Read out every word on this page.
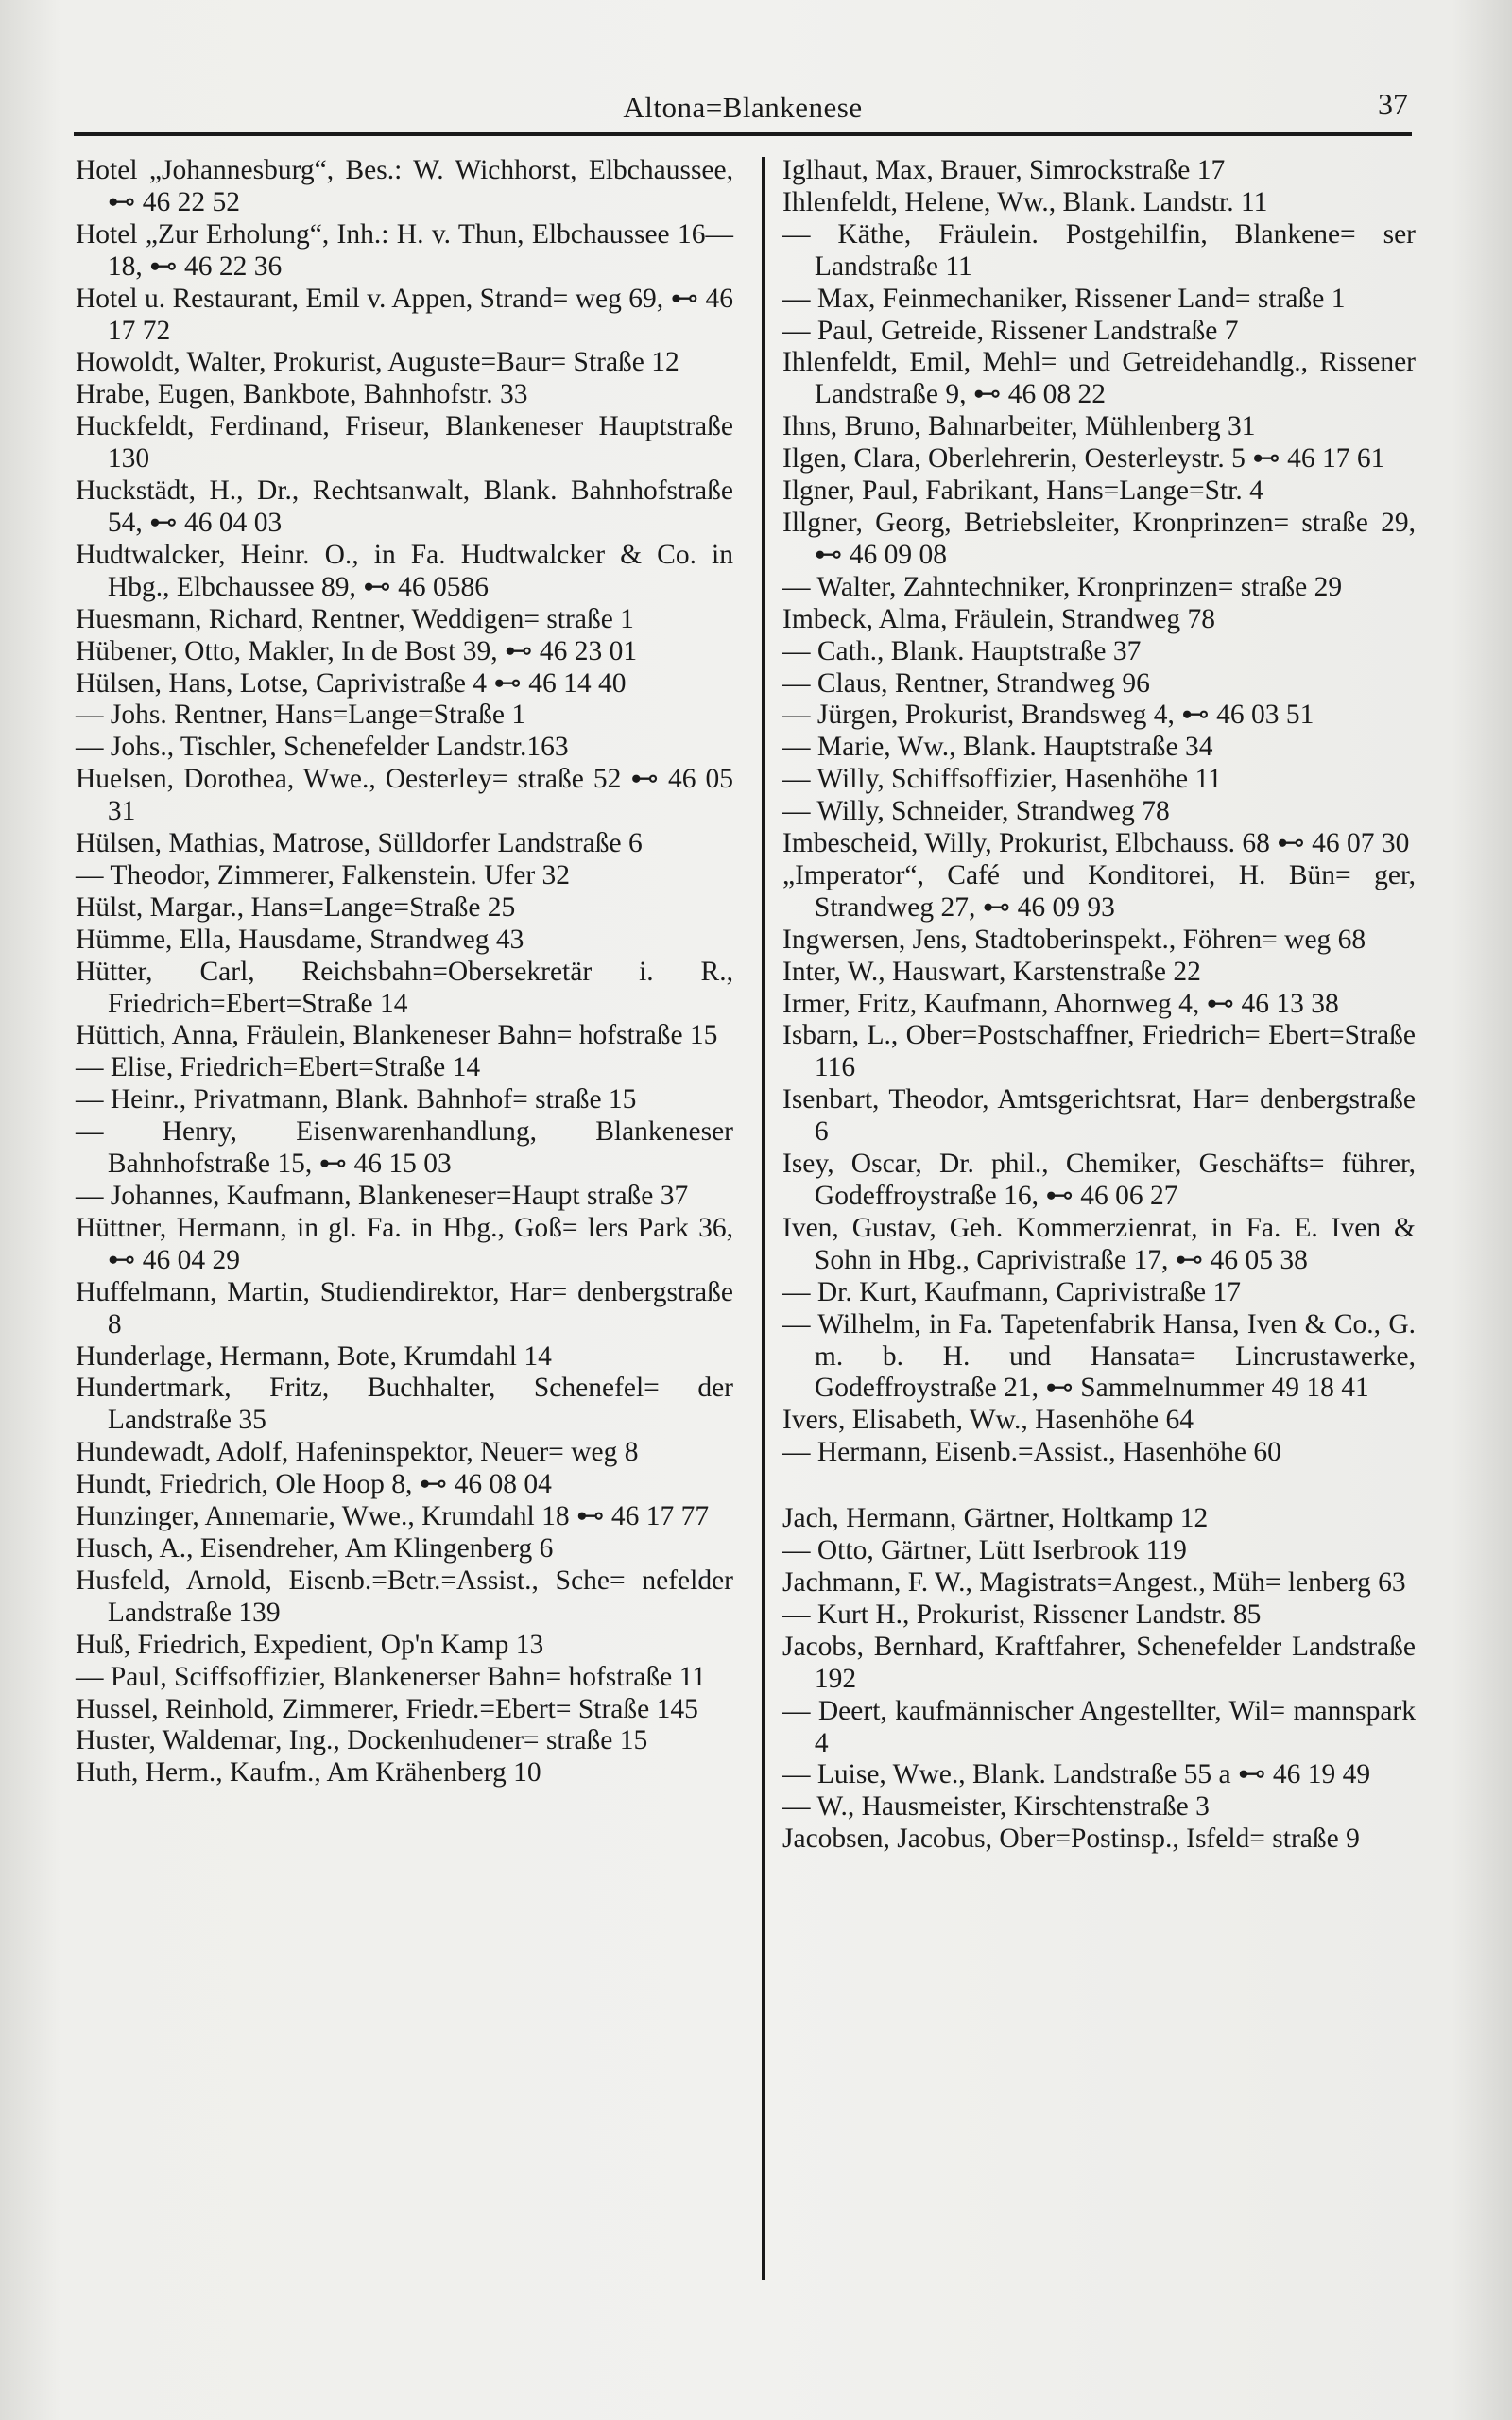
Altona=Blankenese	37
Hotel „Johannesburg“, Bes.: W. Wichhorst, Elbchaussee, ⊷ 46 22 52
Hotel „Zur Erholung“, Inh.: H. v. Thun, Elbchaussee 16—18, ⊷ 46 22 36
Hotel u. Restaurant, Emil v. Appen, Strand= weg 69, ⊷ 46 17 72
Howoldt, Walter, Prokurist, Auguste=Baur= Straße 12
Hrabe, Eugen, Bankbote, Bahnhofstr. 33
Huckfeldt, Ferdinand, Friseur, Blankeneser Hauptstraße 130
Huckstädt, H., Dr., Rechtsanwalt, Blank. Bahnhofstraße 54, ⊷ 46 04 03
Hudtwalcker, Heinr. O., in Fa. Hudtwalcker & Co. in Hbg., Elbchaussee 89, ⊷ 46 0586
Huesmann, Richard, Rentner, Weddigen= straße 1
Hübener, Otto, Makler, In de Bost 39, ⊷ 46 23 01
Hülsen, Hans, Lotse, Caprivistraße 4 ⊷ 46 14 40
— Johs. Rentner, Hans=Lange=Straße 1
— Johs., Tischler, Schenefelder Landstr.163
Huelsen, Dorothea, Wwe., Oesterley= straße 52 ⊷ 46 05 31
Hülsen, Mathias, Matrose, Sülldorfer Landstraße 6
— Theodor, Zimmerer, Falkenstein. Ufer 32
Hülst, Margar., Hans=Lange=Straße 25
Hümme, Ella, Hausdame, Strandweg 43
Hütter, Carl, Reichsbahn=Obersekretär i. R., Friedrich=Ebert=Straße 14
Hüttich, Anna, Fräulein, Blankeneser Bahn= hofstraße 15
— Elise, Friedrich=Ebert=Straße 14
— Heinr., Privatmann, Blank. Bahnhof= straße 15
— Henry, Eisenwarenhandlung, Blankeneser Bahnhofstraße 15, ⊷ 46 15 03
— Johannes, Kaufmann, Blankeneser=Haupt straße 37
Hüttner, Hermann, in gl. Fa. in Hbg., Goß= lers Park 36, ⊷ 46 04 29
Huffelmann, Martin, Studiendirektor, Har= denbergstraße 8
Hunderlage, Hermann, Bote, Krumdahl 14
Hundertmark, Fritz, Buchhalter, Schenefel= der Landstraße 35
Hundewadt, Adolf, Hafeninspektor, Neuer= weg 8
Hundt, Friedrich, Ole Hoop 8, ⊷ 46 08 04
Hunzinger, Annemarie, Wwe., Krumdahl 18 ⊷ 46 17 77
Husch, A., Eisendreher, Am Klingenberg 6
Husfeld, Arnold, Eisenb.=Betr.=Assist., Sche= nefelder Landstraße 139
Huß, Friedrich, Expedient, Op'n Kamp 13
— Paul, Sciffsoffizier, Blankenerser Bahn= hofstraße 11
Hussel, Reinhold, Zimmerer, Friedr.=Ebert= Straße 145
Huster, Waldemar, Ing., Dockenhudener= straße 15
Huth, Herm., Kaufm., Am Krähenberg 10
Iglhaut, Max, Brauer, Simrockstraße 17
Ihlenfeldt, Helene, Ww., Blank. Landstr. 11
— Käthe, Fräulein. Postgehilfin, Blankene= ser Landstraße 11
— Max, Feinmechaniker, Rissener Land= straße 1
— Paul, Getreide, Rissener Landstraße 7
Ihlenfeldt, Emil, Mehl= und Getreidehandlg., Rissener Landstraße 9, ⊷ 46 08 22
Ihns, Bruno, Bahnarbeiter, Mühlenberg 31
Ilgen, Clara, Oberlehrerin, Oesterleystr. 5 ⊷ 46 17 61
Ilgner, Paul, Fabrikant, Hans=Lange=Str. 4
Illgner, Georg, Betriebsleiter, Kronprinzen= straße 29, ⊷ 46 09 08
— Walter, Zahntechniker, Kronprinzen= straße 29
Imbeck, Alma, Fräulein, Strandweg 78
— Cath., Blank. Hauptstraße 37
— Claus, Rentner, Strandweg 96
— Jürgen, Prokurist, Brandsweg 4, ⊷ 46 03 51
— Marie, Ww., Blank. Hauptstraße 34
— Willy, Schiffsoffizier, Hasenhöhe 11
— Willy, Schneider, Strandweg 78
Imbescheid, Willy, Prokurist, Elbchauss. 68 ⊷ 46 07 30
„Imperator“, Café und Konditorei, H. Bün= ger, Strandweg 27, ⊷ 46 09 93
Ingwersen, Jens, Stadtoberinspekt., Föhren= weg 68
Inter, W., Hauswart, Karstenstraße 22
Irmer, Fritz, Kaufmann, Ahornweg 4, ⊷ 46 13 38
Isbarn, L., Ober=Postschaffner, Friedrich= Ebert=Straße 116
Isenbart, Theodor, Amtsgerichtsrat, Har= denbergstraße 6
Isey, Oscar, Dr. phil., Chemiker, Geschäfts= führer, Godeffroystraße 16, ⊷ 46 06 27
Iven, Gustav, Geh. Kommerzienrat, in Fa. E. Iven & Sohn in Hbg., Caprivistraße 17, ⊷ 46 05 38
— Dr. Kurt, Kaufmann, Caprivistraße 17
— Wilhelm, in Fa. Tapetenfabrik Hansa, Iven & Co., G. m. b. H. und Hansata= Lincrustawerke, Godeffroystraße 21, ⊷ Sammelnummer 49 18 41
Ivers, Elisabeth, Ww., Hasenhöhe 64
— Hermann, Eisenb.=Assist., Hasenhöhe 60
Jach, Hermann, Gärtner, Holtkamp 12
— Otto, Gärtner, Lütt Iserbrook 119
Jachmann, F. W., Magistrats=Angest., Müh= lenberg 63
— Kurt H., Prokurist, Rissener Landstr. 85
Jacobs, Bernhard, Kraftfahrer, Schenefelder Landstraße 192
— Deert, kaufmännischer Angestellter, Wil= mannspark 4
— Luise, Wwe., Blank. Landstraße 55 a ⊷ 46 19 49
— W., Hausmeister, Kirschtenstraße 3
Jacobsen, Jacobus, Ober=Postinsp., Isfeld= straße 9
